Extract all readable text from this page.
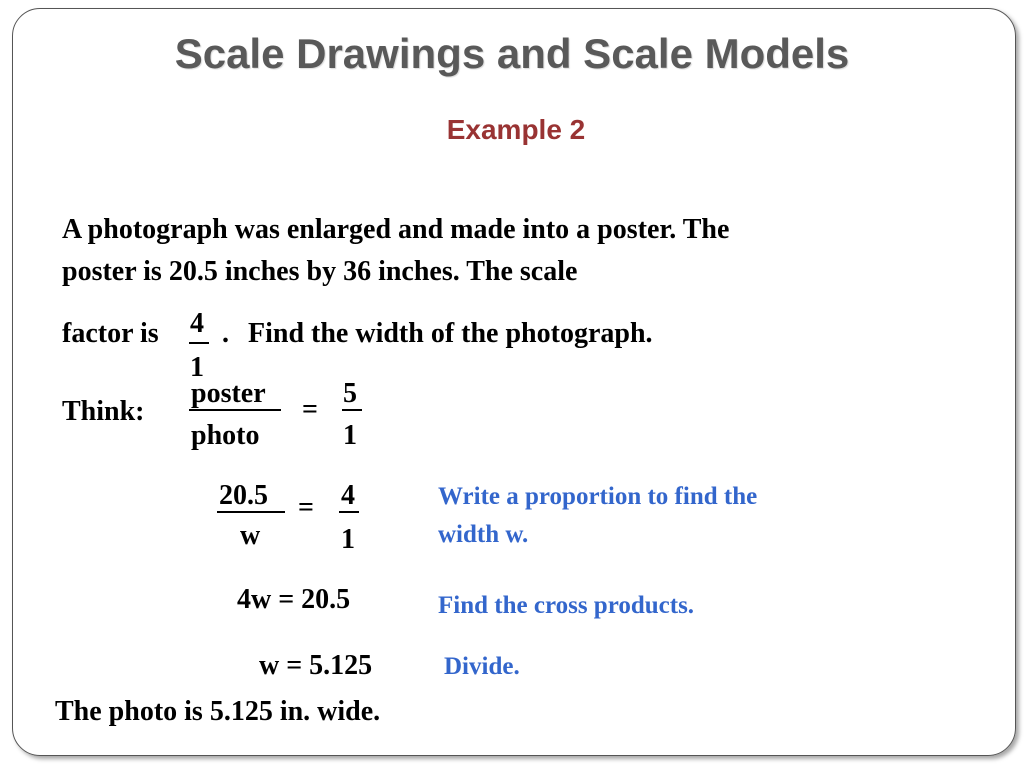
Scale Drawings and Scale Models
Example 2
A photograph was enlarged and made into a poster. The
poster is 20.5 inches by 36 inches. The scale
factor is 4
1
. Find the width of the photograph.
Think:
poster
photo
=
5
1
20.5
w
= 4
1
Write a proportion to find the
width w.
4w = 20.5	Find the cross products.
w = 5.125	Divide.
The photo is 5.125 in. wide.
